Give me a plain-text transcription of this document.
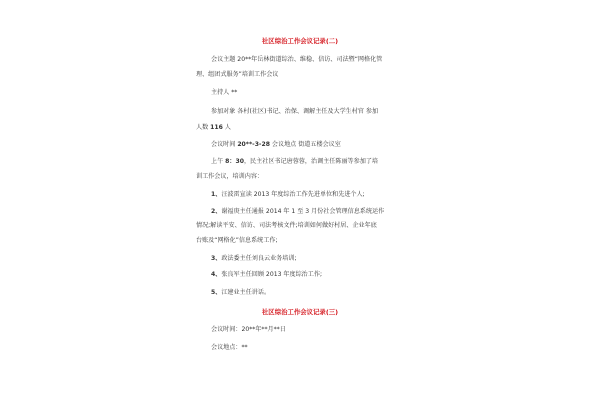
社区综治工作会议记录(二)
会议主题 20**年岳林街道综治、维稳、信访、司法暨“网格化管
理、组团式服务”培训工作会议
主持人 **
参加对象 各村(社区)书记、治保、调解主任及大学生村官 参加
人数 116 人
会议时间 20**-3-28 会议地点 街道五楼会议室
上午 8：30，民主社区书记唐蓉蓉，治调主任陈丽等参加了培
训工作会议，培训内容：
1、汪波雷宣读 2013 年度综治工作先进单位和先进个人;
2、谢福庚主任通报 2014 年 1 至 3 月份社会管理信息系统运作
情况;解读平安、信访、司法考核文件;培训如何做好村居、企业年底
台账及“网格化”信息系统工作;
3、政法委主任刘良云业务培训;
4、张良军主任回顾 2013 年度综治工作;
5、江建业主任讲话。
社区综治工作会议记录(三)
会议时间：20**年**月**日
会议地点：**
